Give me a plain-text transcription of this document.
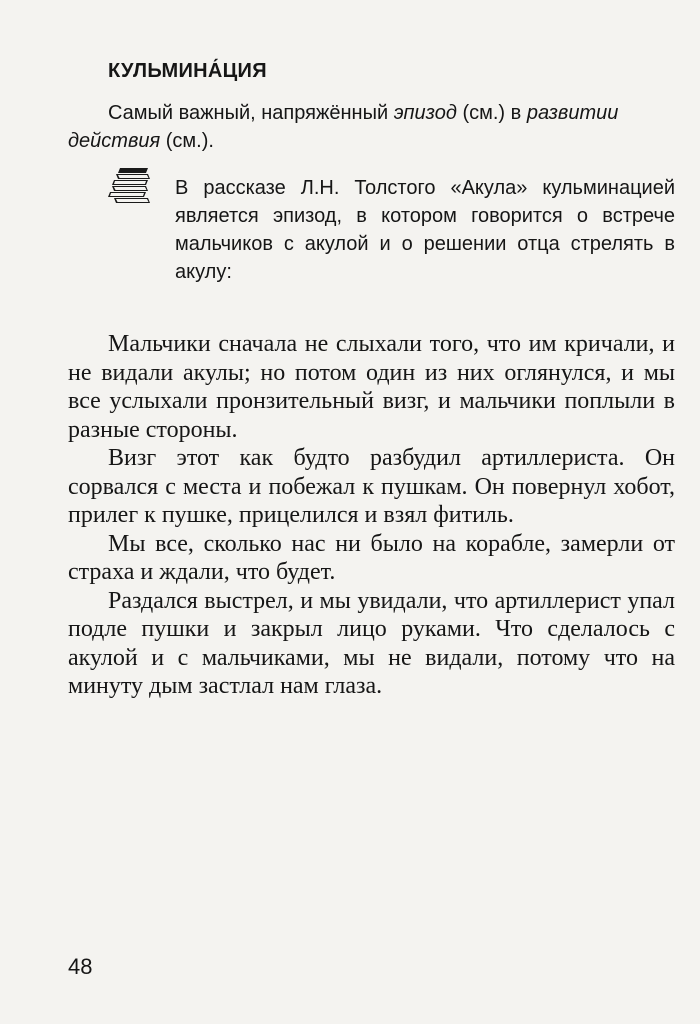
КУЛЬМИНА́ЦИЯ

Самый важный, напряжённый эпизод (см.) в развитии действия (см.).

В рассказе Л.Н. Толстого «Акула» кульминацией является эпизод, в котором говорится о встрече мальчиков с акулой и о решении отца стрелять в акулу:

Мальчики сначала не слыхали того, что им кричали, и не видали акулы; но потом один из них оглянулся, и мы все услыхали пронзительный визг, и мальчики поплыли в разные стороны.

Визг этот как будто разбудил артиллериста. Он сорвался с места и побежал к пушкам. Он повернул хобот, прилег к пушке, прицелился и взял фитиль.

Мы все, сколько нас ни было на корабле, замерли от страха и ждали, что будет.

Раздался выстрел, и мы увидали, что артиллерист упал подле пушки и закрыл лицо руками. Что сделалось с акулой и с мальчиками, мы не видали, потому что на минуту дым застлал нам глаза.

48
